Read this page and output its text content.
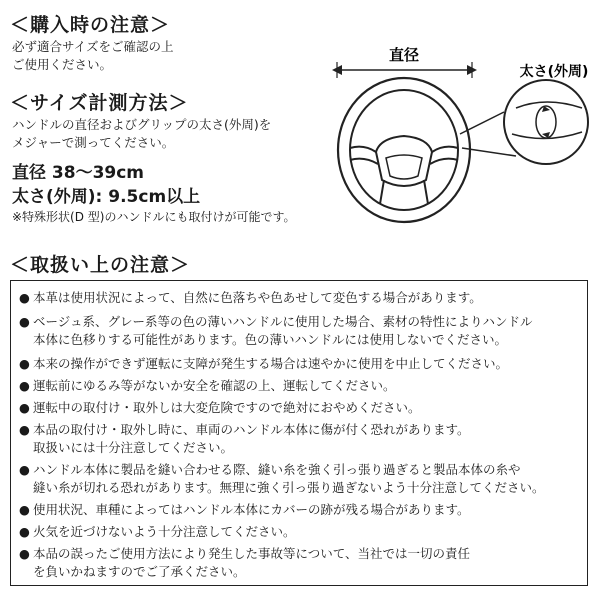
＜購入時の注意＞
必ず適合サイズをご確認の上
ご使用ください。
＜サイズ計測方法＞
ハンドルの直径およびグリップの太さ(外周)を
メジャーで測ってください。
直径 38～39cm
太さ(外周): 9.5cm以上
※特殊形状(D 型)のハンドルにも取付けが可能です。
直径
太さ(外周)
＜取扱い上の注意＞
● 本革は使用状況によって、自然に色落ちや色あせして変色する場合があります。
● ベージュ系、グレー系等の色の薄いハンドルに使用した場合、素材の特性によりハンドル
本体に色移りする可能性があります。色の薄いハンドルには使用しないでください。
● 本来の操作ができず運転に支障が発生する場合は速やかに使用を中止してください。
● 運転前にゆるみ等がないか安全を確認の上、運転してください。
● 運転中の取付け・取外しは大変危険ですので絶対におやめください。
● 本品の取付け・取外し時に、車両のハンドル本体に傷が付く恐れがあります。
取扱いには十分注意してください。
● ハンドル本体に製品を縫い合わせる際、縫い糸を強く引っ張り過ぎると製品本体の糸や
縫い糸が切れる恐れがあります。無理に強く引っ張り過ぎないよう十分注意してください。
● 使用状況、車種によってはハンドル本体にカバーの跡が残る場合があります。
● 火気を近づけないよう十分注意してください。
● 本品の誤ったご使用方法により発生した事故等について、当社では一切の責任
を負いかねますのでご了承ください。
